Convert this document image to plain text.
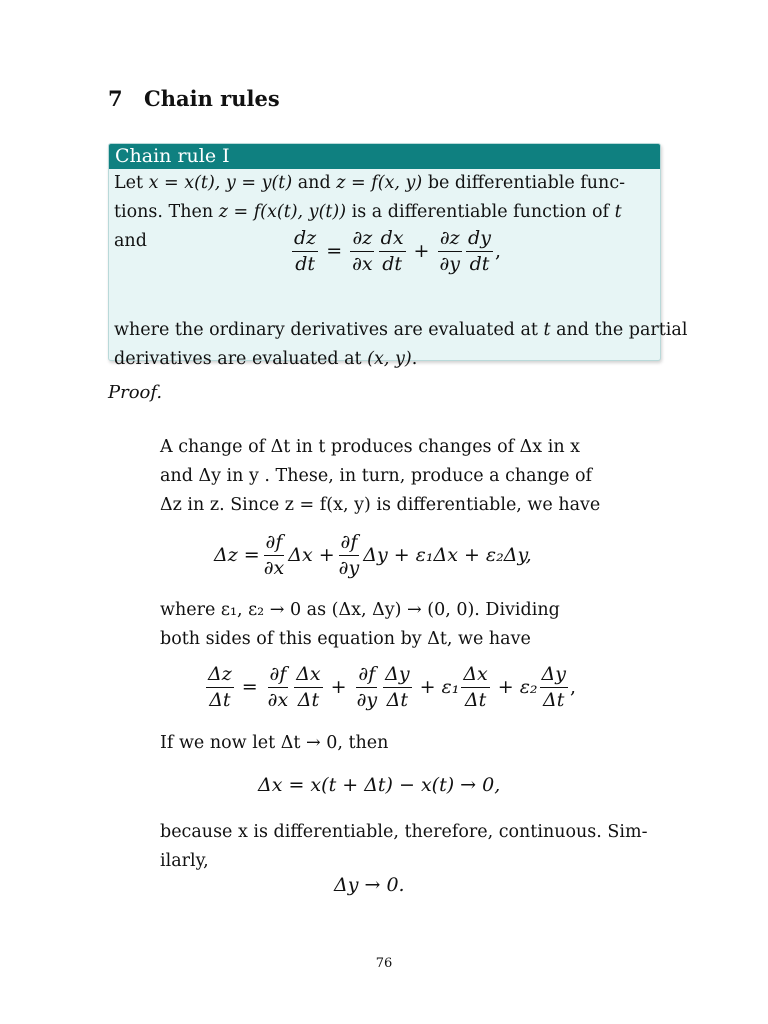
7 Chain rules
Chain rule I
Let x = x(t), y = y(t) and z = f(x, y) be differentiable func-
tions. Then z = f(x(t), y(t)) is a differentiable function of t
and	$\frac{dz}{dt} = \frac{\partial z}{\partial x} \frac{dx}{dt} + \frac{\partial z}{\partial y} \frac{dy}{dt}$ ,
where the ordinary derivatives are evaluated at t and the partial
derivatives are evaluated at (x, y).
Proof.
A change of Δt in t produces changes of Δx in x
and Δy in y . These, in turn, produce a change of
Δz in z. Since z = f(x, y) is differentiable, we have
$\Delta z = \frac{\partial f}{\partial x}$ $\Delta x + \frac{\partial f}{\partial y}$ Δy + ε₁Δx + ε₂Δy,
where ε₁, ε₂ → 0 as (Δx, Δy) → (0, 0). Dividing
both sides of this equation by Δt, we have
$\frac{\Delta z}{\Delta t} = \frac{\partial f}{\partial x} \frac{\Delta x}{\Delta t} + \frac{\partial f}{\partial y} \frac{\Delta y}{\Delta t} + \varepsilon_1 \frac{\Delta x}{\Delta t} + \varepsilon_2 \frac{\Delta y}{\Delta t}$ ,
If we now let Δt → 0, then
Δx = x(t + Δt) − x(t) → 0,
because x is differentiable, therefore, continuous. Sim-
ilarly,
Δy → 0.
76
